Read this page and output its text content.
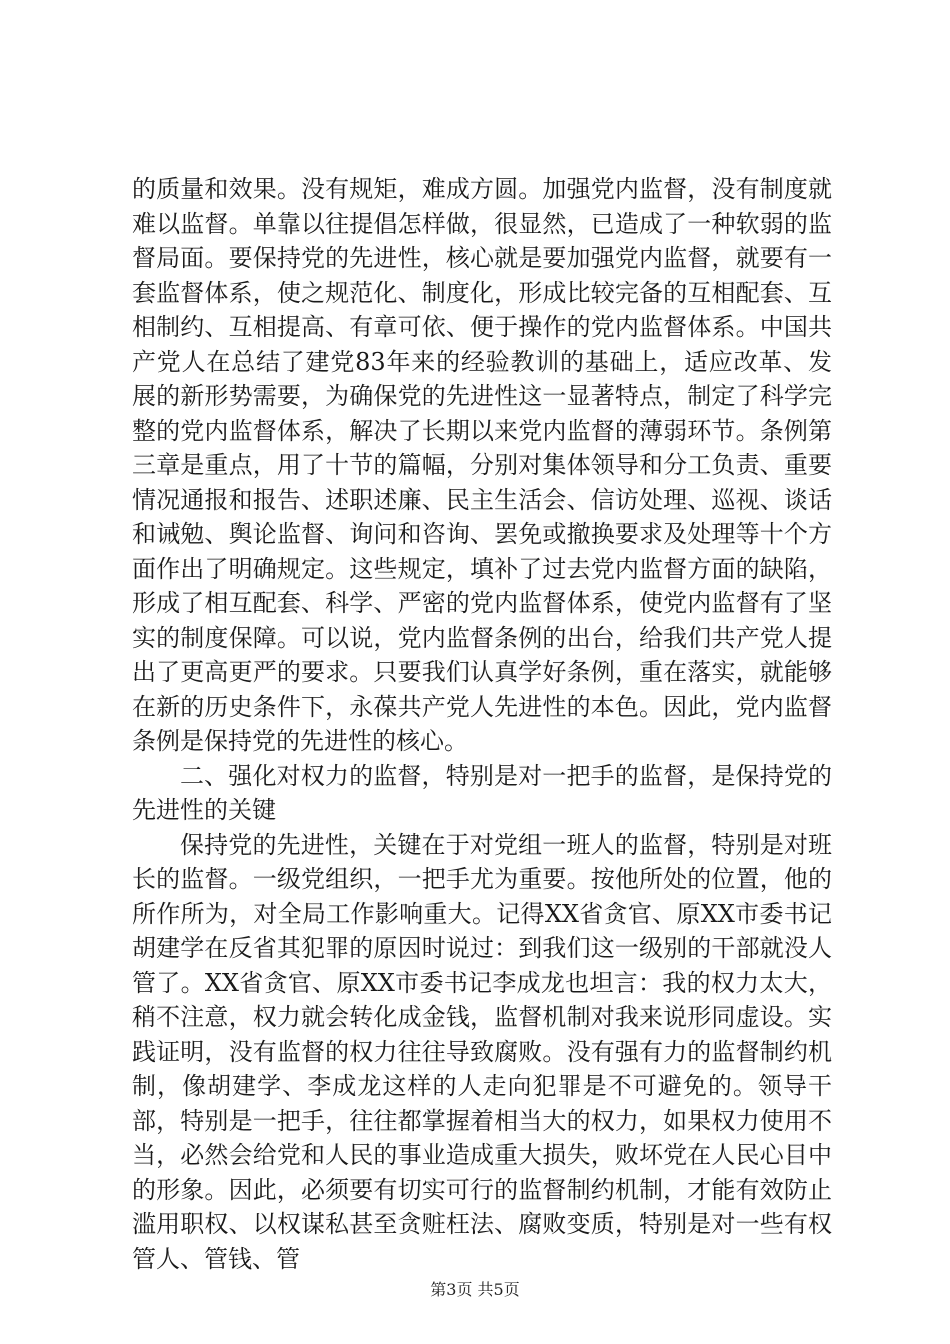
的质量和效果。没有规矩，难成方圆。加强党内监督，没有制度就难以监督。单靠以往提倡怎样做，很显然，已造成了一种软弱的监督局面。要保持党的先进性，核心就是要加强党内监督，就要有一套监督体系，使之规范化、制度化，形成比较完备的互相配套、互相制约、互相提高、有章可依、便于操作的党内监督体系。中国共产党人在总结了建党83年来的经验教训的基础上，适应改革、发展的新形势需要，为确保党的先进性这一显著特点，制定了科学完整的党内监督体系，解决了长期以来党内监督的薄弱环节。条例第三章是重点，用了十节的篇幅，分别对集体领导和分工负责、重要情况通报和报告、述职述廉、民主生活会、信访处理、巡视、谈话和诫勉、舆论监督、询问和咨询、罢免或撤换要求及处理等十个方面作出了明确规定。这些规定，填补了过去党内监督方面的缺陷，形成了相互配套、科学、严密的党内监督体系，使党内监督有了坚实的制度保障。可以说，党内监督条例的出台，给我们共产党人提出了更高更严的要求。只要我们认真学好条例，重在落实，就能够在新的历史条件下，永葆共产党人先进性的本色。因此，党内监督条例是保持党的先进性的核心。

二、强化对权力的监督，特别是对一把手的监督，是保持党的先进性的关键

保持党的先进性，关键在于对党组一班人的监督，特别是对班长的监督。一级党组织，一把手尤为重要。按他所处的位置，他的所作所为，对全局工作影响重大。记得XX省贪官、原XX市委书记胡建学在反省其犯罪的原因时说过：到我们这一级别的干部就没人管了。XX省贪官、原XX市委书记李成龙也坦言：我的权力太大，稍不注意，权力就会转化成金钱，监督机制对我来说形同虚设。实践证明，没有监督的权力往往导致腐败。没有强有力的监督制约机制，像胡建学、李成龙这样的人走向犯罪是不可避免的。领导干部，特别是一把手，往往都掌握着相当大的权力，如果权力使用不当，必然会给党和人民的事业造成重大损失，败坏党在人民心目中的形象。因此，必须要有切实可行的监督制约机制，才能有效防止滥用职权、以权谋私甚至贪赃枉法、腐败变质，特别是对一些有权管人、管钱、管

第3页 共5页
